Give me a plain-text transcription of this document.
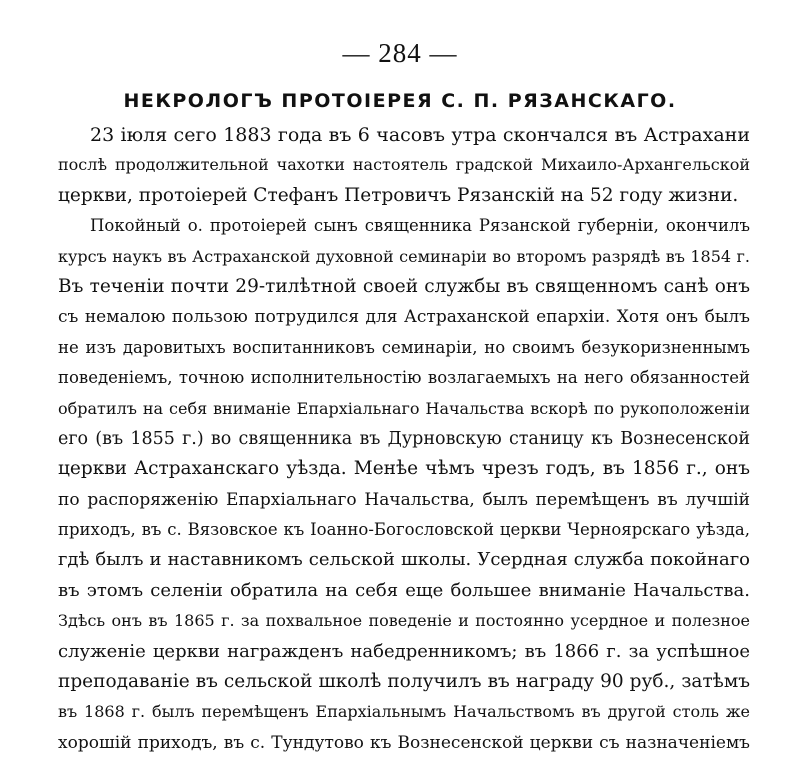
— 284 —
НЕКРОЛОГЪ ПРОТОІЕРЕЯ С. П. РЯЗАНСКАГО.
23 іюля сего 1883 года въ 6 часовъ утра скончался въ Астрахани
послѣ продолжительной чахотки настоятель градской Михаило-Архангельской
церкви, протоіерей Стефанъ Петровичъ Рязанскій на 52 году жизни.
Покойный о. протоіерей сынъ священника Рязанской губерніи, окончилъ
курсъ наукъ въ Астраханской духовной семинаріи во второмъ разрядѣ въ 1854 г.
Въ теченіи почти 29-тилѣтной своей службы въ священномъ санѣ онъ
съ немалою пользою потрудился для Астраханской епархіи. Хотя онъ былъ
не изъ даровитыхъ воспитанниковъ семинаріи, но своимъ безукоризненнымъ
поведеніемъ, точною исполнительностію возлагаемыхъ на него обязанностей
обратилъ на себя вниманіе Епархіальнаго Начальства вскорѣ по рукоположеніи
его (въ 1855 г.) во священника въ Дурновскую станицу къ Вознесенской
церкви Астраханскаго уѣзда. Менѣе чѣмъ чрезъ годъ, въ 1856 г., онъ
по распоряженію Епархіальнаго Начальства, былъ перемѣщенъ въ лучшій
приходъ, въ с. Вязовское къ Іоанно-Богословской церкви Черноярскаго уѣзда,
гдѣ былъ и наставникомъ сельской школы. Усердная служба покойнаго
въ этомъ селеніи обратила на себя еще большее вниманіе Начальства.
Здѣсь онъ въ 1865 г. за похвальное поведеніе и постоянно усердное и полезное
служеніе церкви награжденъ набедренникомъ; въ 1866 г. за успѣшное
преподаваніе въ сельской школѣ получилъ въ награду 90 руб., затѣмъ
въ 1868 г. былъ перемѣщенъ Епархіальнымъ Начальствомъ въ другой столь же
хорошій приходъ, въ с. Тундутово къ Вознесенской церкви съ назначеніемъ
